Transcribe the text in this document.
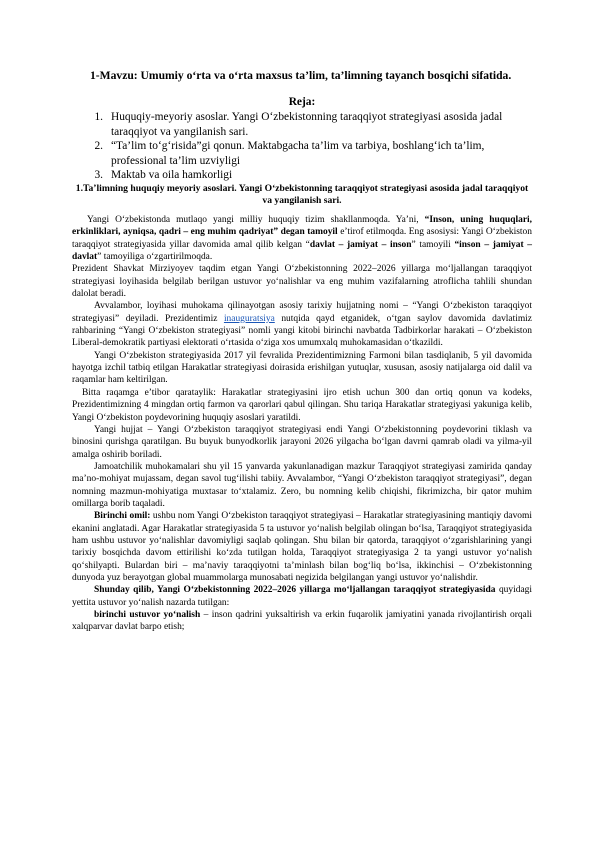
1-Mavzu: Umumiy o‘rta va o‘rta maxsus ta’lim, ta’limning tayanch bosqichi sifatida.
Reja:
1. Huquqiy-meyoriy asoslar. Yangi O‘zbekistonning taraqqiyot strategiyasi asosida jadal taraqqiyot va yangilanish sari.
2. “Ta’lim to‘g‘risida”gi qonun. Maktabgacha ta’lim va tarbiya, boshlang‘ich ta’lim, professional ta’lim uzviyligi
3. Maktab va oila hamkorligi
1.Ta’limning huquqiy meyoriy asoslari. Yangi O‘zbekistonning taraqqiyot strategiyasi asosida jadal taraqqiyot va yangilanish sari.

Yangi O‘zbekistonda mutlaqo yangi milliy huquqiy tizim shakllanmoqda. Ya’ni, “Inson, uning huquqlari, erkinliklari, ayniqsa, qadri – eng muhim qadriyat” degan tamoyil e’tirof etilmoqda. Eng asosiysi: Yangi O‘zbekiston taraqqiyot strategiyasida yillar davomida amal qilib kelgan “davlat – jamiyat – inson” tamoyili “inson – jamiyat – davlat” tamoyiliga o‘zgartirilmoqda.

Prezident Shavkat Mirziyoyev taqdim etgan Yangi O‘zbekistonning 2022–2026 yillarga mo‘ljallangan taraqqiyot strategiyasi loyihasida belgilab berilgan ustuvor yo‘nalishlar va eng muhim vazifalarning atroflicha tahlili shundan dalolat beradi.

Avvalambor, loyihasi muhokama qilinayotgan asosiy tarixiy hujjatning nomi – “Yangi O‘zbekiston taraqqiyot strategiyasi” deyiladi. Prezidentimiz inauguratsiya nutqida qayd etganidek, o‘tgan saylov davomida davlatimiz rahbarining “Yangi O‘zbekiston strategiyasi” nomli yangi kitobi birinchi navbatda Tadbirkorlar harakati – O‘zbekiston Liberal-demokratik partiyasi elektorati o‘rtasida o‘ziga xos umumxalq muhokamasidan o‘tkazildi.

Yangi O‘zbekiston strategiyasida 2017 yil fevralida Prezidentimizning Farmoni bilan tasdiqlanib, 5 yil davomida hayotga izchil tatbiq etilgan Harakatlar strategiyasi doirasida erishilgan yutuqlar, xususan, asosiy natijalarga oid dalil va raqamlar ham keltirilgan.

Bitta raqamga e’tibor qarataylik: Harakatlar strategiyasini ijro etish uchun 300 dan ortiq qonun va kodeks, Prezidentimizning 4 mingdan ortiq farmon va qarorlari qabul qilingan. Shu tariqa Harakatlar strategiyasi yakuniga kelib, Yangi O‘zbekiston poydevorining huquqiy asoslari yaratildi.

Yangi hujjat – Yangi O‘zbekiston taraqqiyot strategiyasi endi Yangi O‘zbekistonning poydevorini tiklash va binosini qurishga qaratilgan. Bu buyuk bunyodkorlik jarayoni 2026 yilgacha bo‘lgan davrni qamrab oladi va yilma-yil amalga oshirib boriladi.

Jamoatchilik muhokamalari shu yil 15 yanvarda yakunlanadigan mazkur Taraqqiyot strategiyasi zamirida qanday ma’no-mohiyat mujassam, degan savol tug‘ilishi tabiiy. Avvalambor, “Yangi O‘zbekiston taraqqiyot strategiyasi”, degan nomning mazmun-mohiyatiga muxtasar to‘xtalamiz. Zero, bu nomning kelib chiqishi, fikrimizcha, bir qator muhim omillarga borib taqaladi.

Birinchi omil: ushbu nom Yangi O‘zbekiston taraqqiyot strategiyasi – Harakatlar strategiyasining mantiqiy davomi ekanini anglatadi. Agar Harakatlar strategiyasida 5 ta ustuvor yo‘nalish belgilab olingan bo‘lsa, Taraqqiyot strategiyasida ham ushbu ustuvor yo‘nalishlar davomiyligi saqlab qolingan. Shu bilan bir qatorda, taraqqiyot o‘zgarishlarining yangi tarixiy bosqichda davom ettirilishi ko‘zda tutilgan holda, Taraqqiyot strategiyasiga 2 ta yangi ustuvor yo‘nalish qo‘shilyapti. Bulardan biri – ma’naviy taraqqiyotni ta’minlash bilan bog‘liq bo‘lsa, ikkinchisi – O‘zbekistonning dunyoda yuz berayotgan global muammolarga munosabati negizida belgilangan yangi ustuvor yo‘nalishdir.

Shunday qilib, Yangi O‘zbekistonning 2022–2026 yillarga mo‘ljallangan taraqqiyot strategiyasida quyidagi yettita ustuvor yo‘nalish nazarda tutilgan:

birinchi ustuvor yo‘nalish – inson qadrini yuksaltirish va erkin fuqarolik jamiyatini yanada rivojlantirish orqali xalqparvar davlat barpo etish;
